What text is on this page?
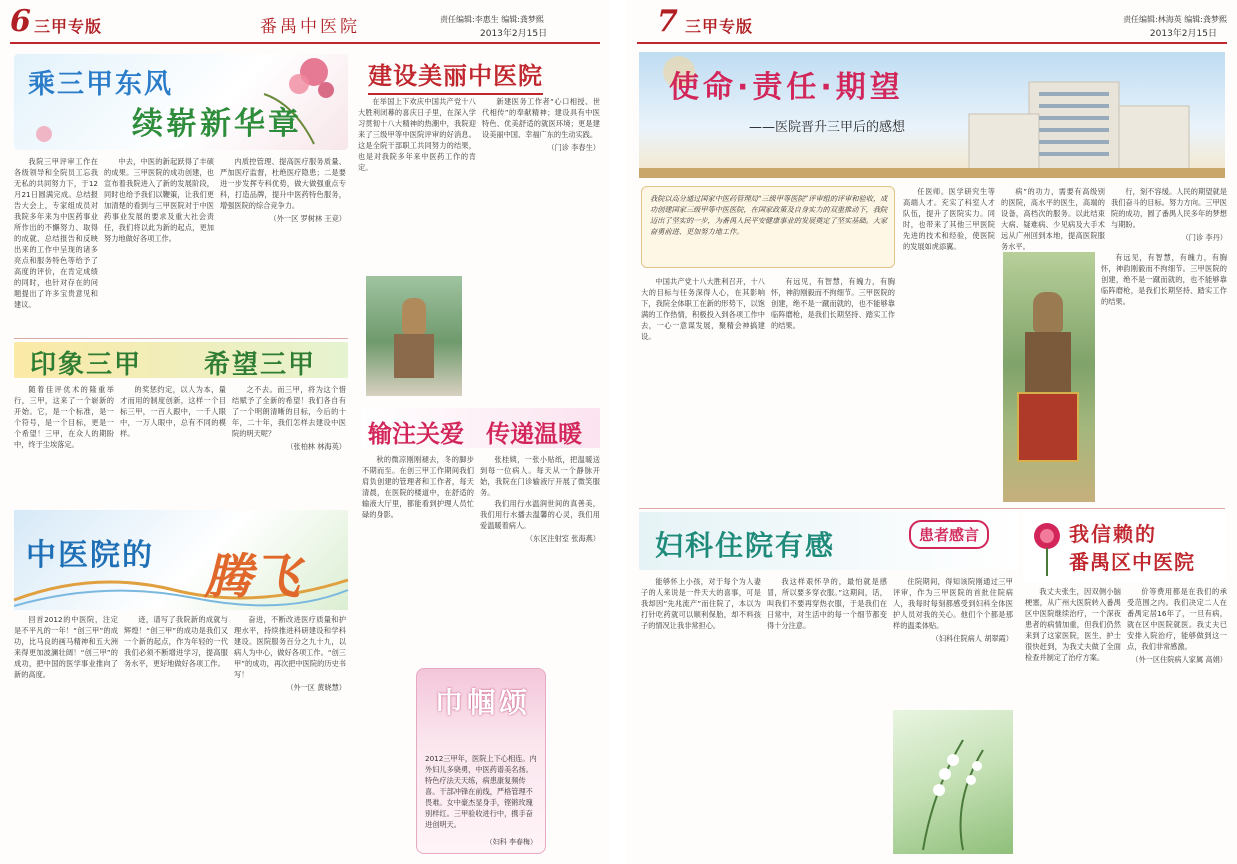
6 三甲专版	番禺中医院	责任编辑:李惠生 编辑:龚梦熙
2013年2月15日
乘三甲东风
续崭新华章

我院三甲评审工作在各级领导和全院员工忘我无私的共同努力下，于12月21日圆满完成。总结报告大会上，专家组成员对我院多年来为中医药事业所作出的不懈努力、取得的成就、总结报告和反映出来的工作中呈现的诸多亮点和服务特色等给予了高度的评价，在肯定成绩的同时，也针对存在的问题提出了许多宝贵意见和建议。

中去，中医的新起跃得了丰硕的成果。三甲医院的成功创建，也宣布着我院进入了新的发展阶段，同时也给予我们以鞭策，让我们更加清楚的看到与三甲医院对于中医药事业发展的要求及重大社会责任，我们将以此为新的起点，更加努力地做好各项工作。

内质控管理、提高医疗服务质量、严加医疗监督，杜绝医疗隐患；二是要进一步发挥专科优势，做大做强重点专科，打造品牌，提升中医药特色服务，增强医院的综合竞争力。

（外一区 罗树林 王竞）

建设美丽中医院

在举国上下欢庆中国共产党十八大胜利闭幕的喜庆日子里，在深入学习贯彻十八大精神的热潮中，我院迎来了三级甲等中医院评审的好消息。这是全院干部职工共同努力的结果，也是对我院多年来中医药工作的肯定。

新建医务工作者“心口相授、世代相传”的奉献精神；建设具有中医特色、优美舒适的就医环境；更是建设美丽中国、幸福广东的生动实践。

（门诊 李春生）

印象三甲 希望三甲

随着佳评优术的隆重举行，三甲，这来了一个崭新的开始。它，是一个标准，是一个符号，是一个目标，更是一个希望！三甲，在众人的期盼中，终于尘埃落定。

的奖惩约定，以人为本，量才而用的制度创新，这样一个目标三甲，一百人跟中，一千人眼中，一万人眼中，总有不同的模样。

之不去。而三甲，将为这个惜结赋予了全新的希望！我们各自有了一个明朗清晰的目标，今后的十年，二十年，我们怎样去建设中医院的明天呢？

（张柏林 林海英）

中医院的 腾飞

回首2012的中医院，注定是不平凡的一年！“创三甲”的成功，比马良的画马精神和五大洲来得更加波澜壮阔！“创三甲”的成功，把中国的医学事业推向了新的高度。

迹，谱写了我院新的成就与辉煌！“创三甲”的成功是我们又一个新的起点，作为年轻的一代我们必须不断增进学习，提高服务水平，更好地做好各项工作。

奋进，不断改进医疗质量和护理水平，持续推进科研建设和学科建设。医院服务百分之九十九，以病人为中心，做好各项工作。“创三甲”的成功，再次把中医院的历史书写！

（外一区 黄晓慧）

输注关爱 传递温暖

秋的微凉刚刚褪去，冬的脚步不期而至。在创三甲工作期间我们肩负创建的管理者和工作者，每天清晨，在医院的楼道中，在舒适的输液大厅里，都能看到护理人员忙碌的身影。

张桂姨，一张小贴纸，把温暖送到每一位病人。每天从一个静脉开始，我院在门诊输液厅开展了微笑服务。

我们用行水温润世间的真善美，我们用行水播去温馨的心灵，我们用爱温暖着病人。

（东区注射室 张海燕）

巾帼颂
2012三甲年，医院上下心相连。内外妇儿多骁勇，中医药谱美名扬。特色疗法天天练，病患康复频传喜。干部冲锋在前线，严格管理不畏难。女中豪杰显身手，铿锵玫瑰别样红。三甲验收进行中，携手奋进创明天。
（妇科 李春梅）
7 三甲专版	责任编辑:林海英 编辑:龚梦熙
2013年2月15日
使命·责任·期望
——医院晋升三甲后的感想
我院以高分通过国家中医药管理局“三级甲等医院”评审组的评审和验收，成功创建国家三级甲等中医医院，在国家政策及自身实力的双重推动下，我院迈出了坚实的一步，为番禺人民平安健康事业的发展奠定了坚实基础。大家奋勇前进、更加努力地工作。

中国共产党十八大胜利召开，十八大的目标与任务深得人心，在其影响下，我院全体职工在新的形势下，以饱满的工作热情，积极投入到各项工作中去，一心一意谋发展，聚精会神搞建设。

有远见，有智慧，有魄力，有胸怀，神韵刚毅而不拘细节。三甲医院的创建，绝不是一蹴而就的，也不能够靠临阵磨枪，是我们长期坚持、踏实工作的结果。

任医师。医学研究生等高端人才。充实了科室人才队伍，提升了医院实力。同时，也带来了其他三甲医院先进的技术和经验，使医院的发展如虎添翼。

病”的功力，需要有高级别的医院，高水平的医生，高端的设备，高档次的服务。以此结束大病、疑难病、少见病及大手术远从广州回到本地，提高医院服务水平。

行，刻不容缓。人民的期望就是我们奋斗的目标。努力方向。三甲医院的成功，圆了番禺人民多年的梦想与期盼。

（门诊 李丹）

有远见，有智慧，有魄力，有胸怀，神韵刚毅而不拘细节。三甲医院的创建，绝不是一蹴而就的，也不能够靠临阵磨枪，是我们长期坚持、踏实工作的结果。

妇科住院有感	患者感言

能够怀上小孩，对于每个为人妻子的人来说是一件天大的喜事，可是我却因“先兆流产”而住院了，本以为打针吃药就可以顺利保胎，却不料孩子的情况让我非常担心。

我这样艰怀孕的，最怕就是感冒，所以要多穿衣服。”这期间，话，叫我们不要再穿热衣服，于是我们在日常中，对生活中的每一个细节都变得十分注意。

住院期间，得知该院刚通过三甲评审，作为三甲医院的首批住院病人，我每时每刻都感受到妇科全体医护人员对我的关心。他们个个都是那样的温柔体贴。

（妇科住院病人 胡翠霞）

我信赖的
番禺区中医院

我丈夫张生，因双侧小脑梗塞，从广州大医院转入番禺区中医院继续治疗，一个深夜患者的病情加重，但我们仍然来到了这家医院，医生、护士很快赶到，为我丈夫做了全面检查并制定了治疗方案。

价等费用都是在我们的承受范围之内。我们决定二人在番禺定居16年了，一旦有病，就在区中医院就医。我丈夫已安排入院治疗，能够做到这一点，我们非常感激。

（外一区住院病人家属 高娟）
